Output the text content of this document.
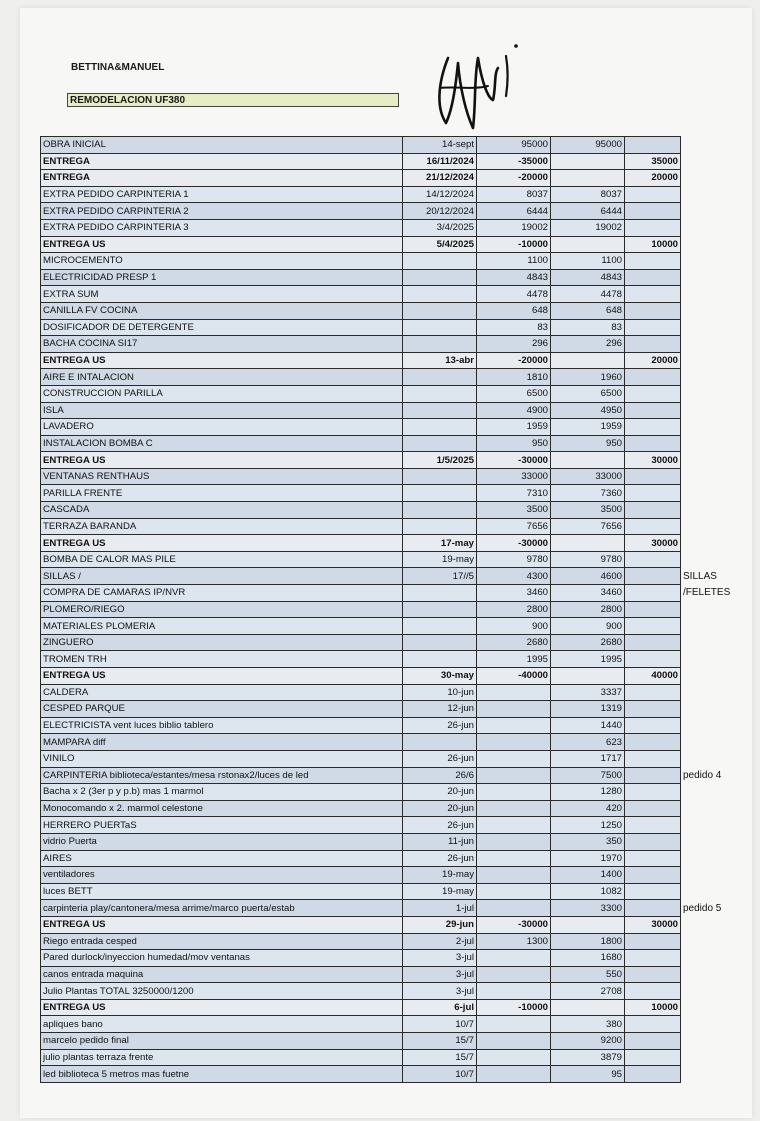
BETTINA&MANUEL
REMODELACION UF380
OBRA INICIAL	14-sept	95000	95000		
ENTREGA	16/11/2024	-35000		35000	
ENTREGA	21/12/2024	-20000		20000	
EXTRA PEDIDO CARPINTERIA 1	14/12/2024	8037	8037		
EXTRA PEDIDO CARPINTERIA 2	20/12/2024	6444	6444		
EXTRA PEDIDO CARPINTERIA 3	3/4/2025	19002	19002		
ENTREGA US	5/4/2025	-10000		10000	
MICROCEMENTO		1100	1100		
ELECTRICIDAD PRESP 1		4843	4843		
EXTRA SUM		4478	4478		
CANILLA FV COCINA		648	648		
DOSIFICADOR DE DETERGENTE		83	83		
BACHA COCINA SI17		296	296		
ENTREGA US	13-abr	-20000		20000	
AIRE E INTALACION		1810	1960		
CONSTRUCCION PARILLA		6500	6500		
ISLA		4900	4950		
LAVADERO		1959	1959		
INSTALACION BOMBA C		950	950		
ENTREGA US	1/5/2025	-30000		30000	
VENTANAS RENTHAUS		33000	33000		
PARILLA FRENTE		7310	7360		
CASCADA		3500	3500		
TERRAZA BARANDA		7656	7656		
ENTREGA US	17-may	-30000		30000	
BOMBA DE CALOR MAS PILE	19-may	9780	9780		
SILLAS /	17//5	4300	4600		SILLAS
COMPRA DE CAMARAS IP/NVR		3460	3460		/FELETES
PLOMERO/RIEGO		2800	2800		
MATERIALES PLOMERIA		900	900		
ZINGUERO		2680	2680		
TROMEN TRH		1995	1995		
ENTREGA US	30-may	-40000		40000	
CALDERA	10-jun		3337		
CESPED PARQUE	12-jun		1319		
ELECTRICISTA vent luces biblio tablero	26-jun		1440		
MAMPARA diff			623		
VINILO	26-jun		1717		
CARPINTERIA biblioteca/estantes/mesa rstonax2/luces de led	26/6		7500		pedido 4
Bacha x 2 (3er p y p.b) mas 1 marmol	20-jun		1280		
Monocomando x 2. marmol celestone	20-jun		420		
HERRERO PUERTaS	26-jun		1250		
vidrio Puerta	11-jun		350		
AIRES	26-jun		1970		
ventiladores	19-may		1400		
luces BETT	19-may		1082		
carpinteria play/cantonera/mesa arrime/marco puerta/estab	1-jul		3300		pedido 5
ENTREGA US	29-jun	-30000		30000	
Riego entrada cesped	2-jul	1300	1800		
Pared durlock/inyeccion humedad/mov ventanas	3-jul		1680		
canos entrada maquina	3-jul		550		
Julio Plantas TOTAL 3250000/1200	3-jul		2708		
ENTREGA US	6-jul	-10000		10000	
apliques bano	10/7		380		
marcelo pedido final	15/7		9200		
julio plantas terraza frente	15/7		3879		
led biblioteca 5 metros mas fuetne	10/7		95		
